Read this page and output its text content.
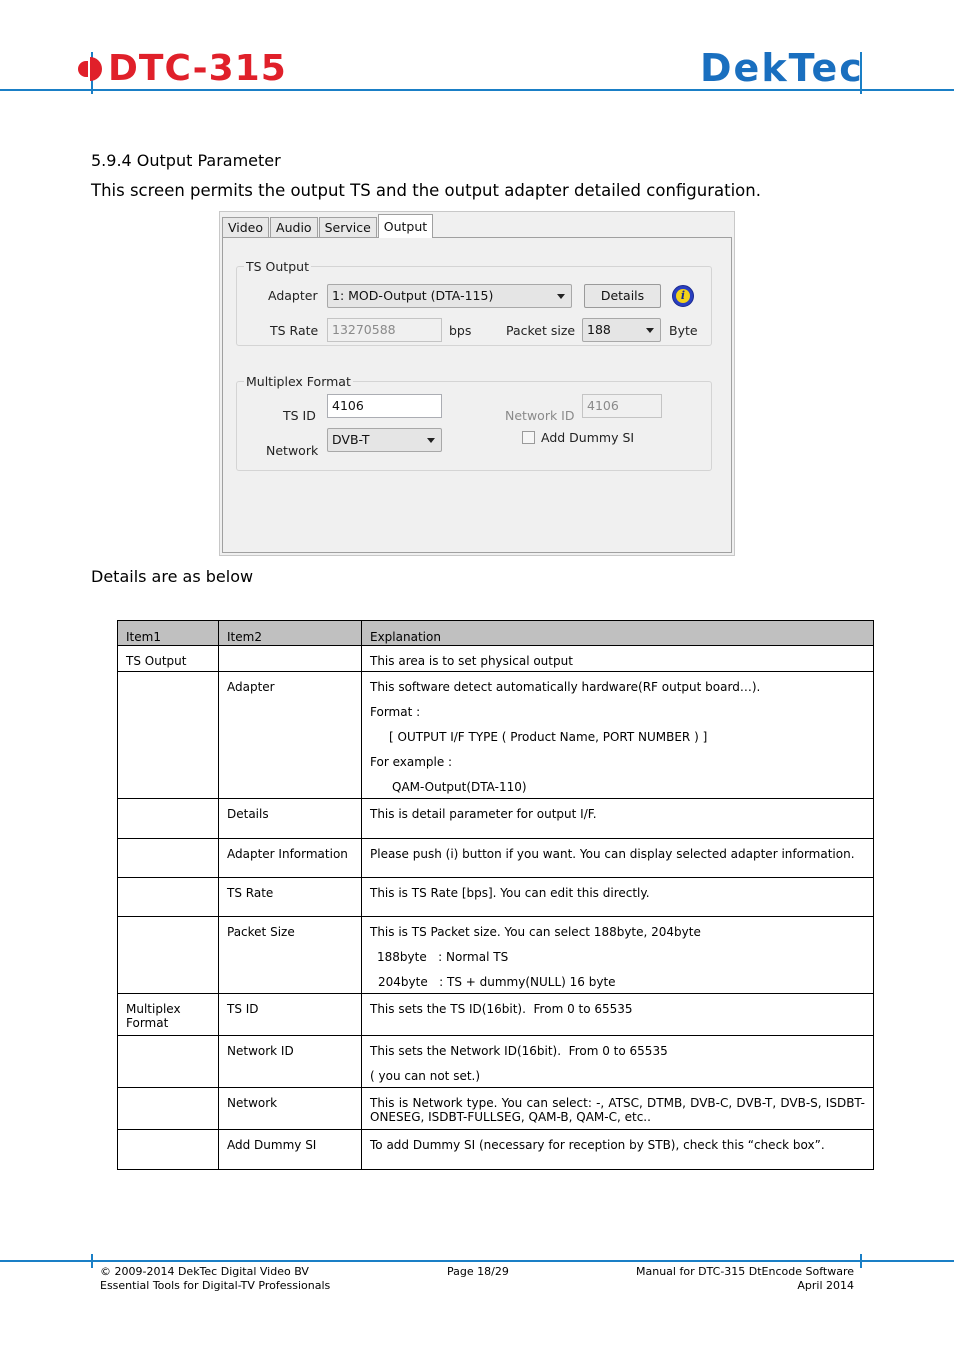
DTC-315	DekTec
5.9.4 Output Parameter
This screen permits the output TS and the output adapter detailed configuration.
Video	Audio	Service	Output
TS Output
Adapter	1: MOD-Output (DTA-115)	Details	i
TS Rate	13270588	bps	Packet size 188	Byte
Multiplex Format
TS ID
4106
Network ID
4106
Network
DVB-T	Add Dummy SI
Details are as below
Item1	Item2	Explanation
TS Output		This area is to set physical output

	Adapter	This software detect automatically hardware(RF output board…).

Format :

[ OUTPUT I/F TYPE ( Product Name, PORT NUMBER ) ]

For example :

QAM-Output(DTA-110)

	Details	This is detail parameter for output I/F.

	Adapter Information	Please push (i) button if you want. You can display selected adapter information.

	TS Rate	This is TS Rate [bps]. You can edit this directly.

	Packet Size	This is TS Packet size. You can select 188byte, 204byte

188byte   : Normal TS

204byte   : TS + dummy(NULL) 16 byte

Multiplex Format	TS ID	This sets the TS ID(16bit).  From 0 to 65535

	Network ID	This sets the Network ID(16bit).  From 0 to 65535

( you can not set.)

	Network	This is Network type. You can select: -, ATSC, DTMB, DVB-C, DVB-T, DVB-S, ISDBT-ONESEG, ISDBT-FULLSEG, QAM-B, QAM-C, etc..

	Add Dummy SI	To add Dummy SI (necessary for reception by STB), check this “check box”.

© 2009-2014 DekTec Digital Video BV
Essential Tools for Digital-TV Professionals
Page 18/29	Manual for DTC-315 DtEncode Software
April 2014
